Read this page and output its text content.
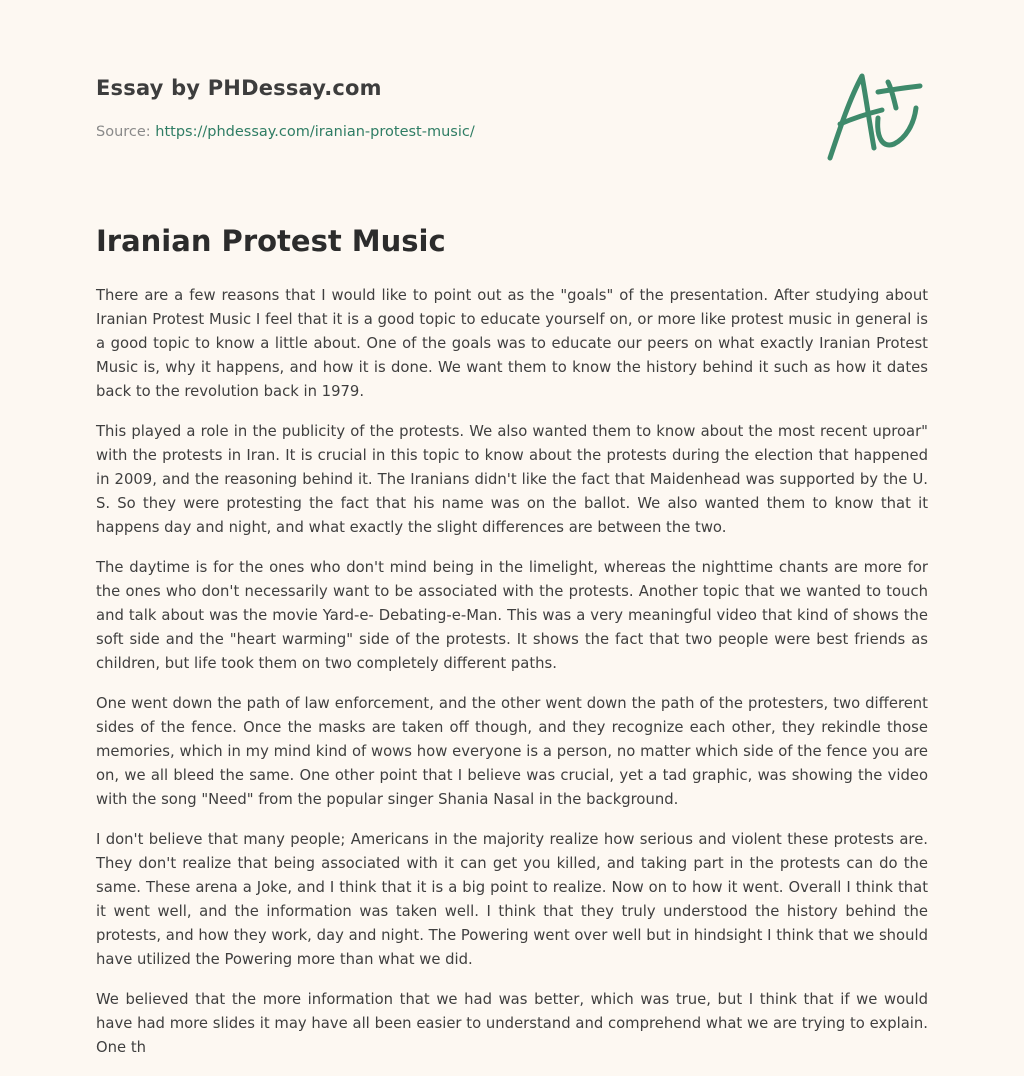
Essay by PHDessay.com
Source: https://phdessay.com/iranian-protest-music/
Iranian Protest Music

There are a few reasons that I would like to point out as the "goals" of the presentation. After studying about Iranian Protest Music I feel that it is a good topic to educate yourself on, or more like protest music in general is a good topic to know a little about. One of the goals was to educate our peers on what exactly Iranian Protest Music is, why it happens, and how it is done. We want them to know the history behind it such as how it dates back to the revolution back in 1979.

This played a role in the publicity of the protests. We also wanted them to know about the most recent uproar" with the protests in Iran. It is crucial in this topic to know about the protests during the election that happened in 2009, and the reasoning behind it. The Iranians didn't like the fact that Maidenhead was supported by the U. S. So they were protesting the fact that his name was on the ballot. We also wanted them to know that it happens day and night, and what exactly the slight differences are between the two.

The daytime is for the ones who don't mind being in the limelight, whereas the nighttime chants are more for the ones who don't necessarily want to be associated with the protests. Another topic that we wanted to touch and talk about was the movie Yard-e- Debating-e-Man. This was a very meaningful video that kind of shows the soft side and the "heart warming" side of the protests. It shows the fact that two people were best friends as children, but life took them on two completely different paths.

One went down the path of law enforcement, and the other went down the path of the protesters, two different sides of the fence. Once the masks are taken off though, and they recognize each other, they rekindle those memories, which in my mind kind of wows how everyone is a person, no matter which side of the fence you are on, we all bleed the same. One other point that I believe was crucial, yet a tad graphic, was showing the video with the song "Need" from the popular singer Shania Nasal in the background.

I don't believe that many people; Americans in the majority realize how serious and violent these protests are. They don't realize that being associated with it can get you killed, and taking part in the protests can do the same. These arena a Joke, and I think that it is a big point to realize. Now on to how it went. Overall I think that it went well, and the information was taken well. I think that they truly understood the history behind the protests, and how they work, day and night. The Powering went over well but in hindsight I think that we should have utilized the Powering more than what we did.

We believed that the more information that we had was better, which was true, but I think that if we would have had more slides it may have all been easier to understand and comprehend what we are trying to explain. One th
